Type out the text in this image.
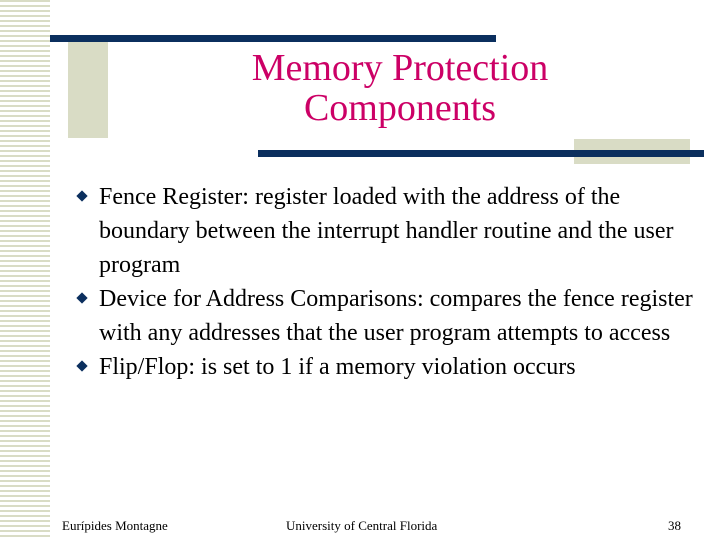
Memory Protection
Components
Fence Register: register loaded with the address of the boundary between the interrupt handler routine and the user program
Device for Address Comparisons: compares the fence register with any addresses that the user program attempts to access
Flip/Flop: is set to 1 if a memory violation occurs
Eurípides Montagne	University of Central Florida	38
